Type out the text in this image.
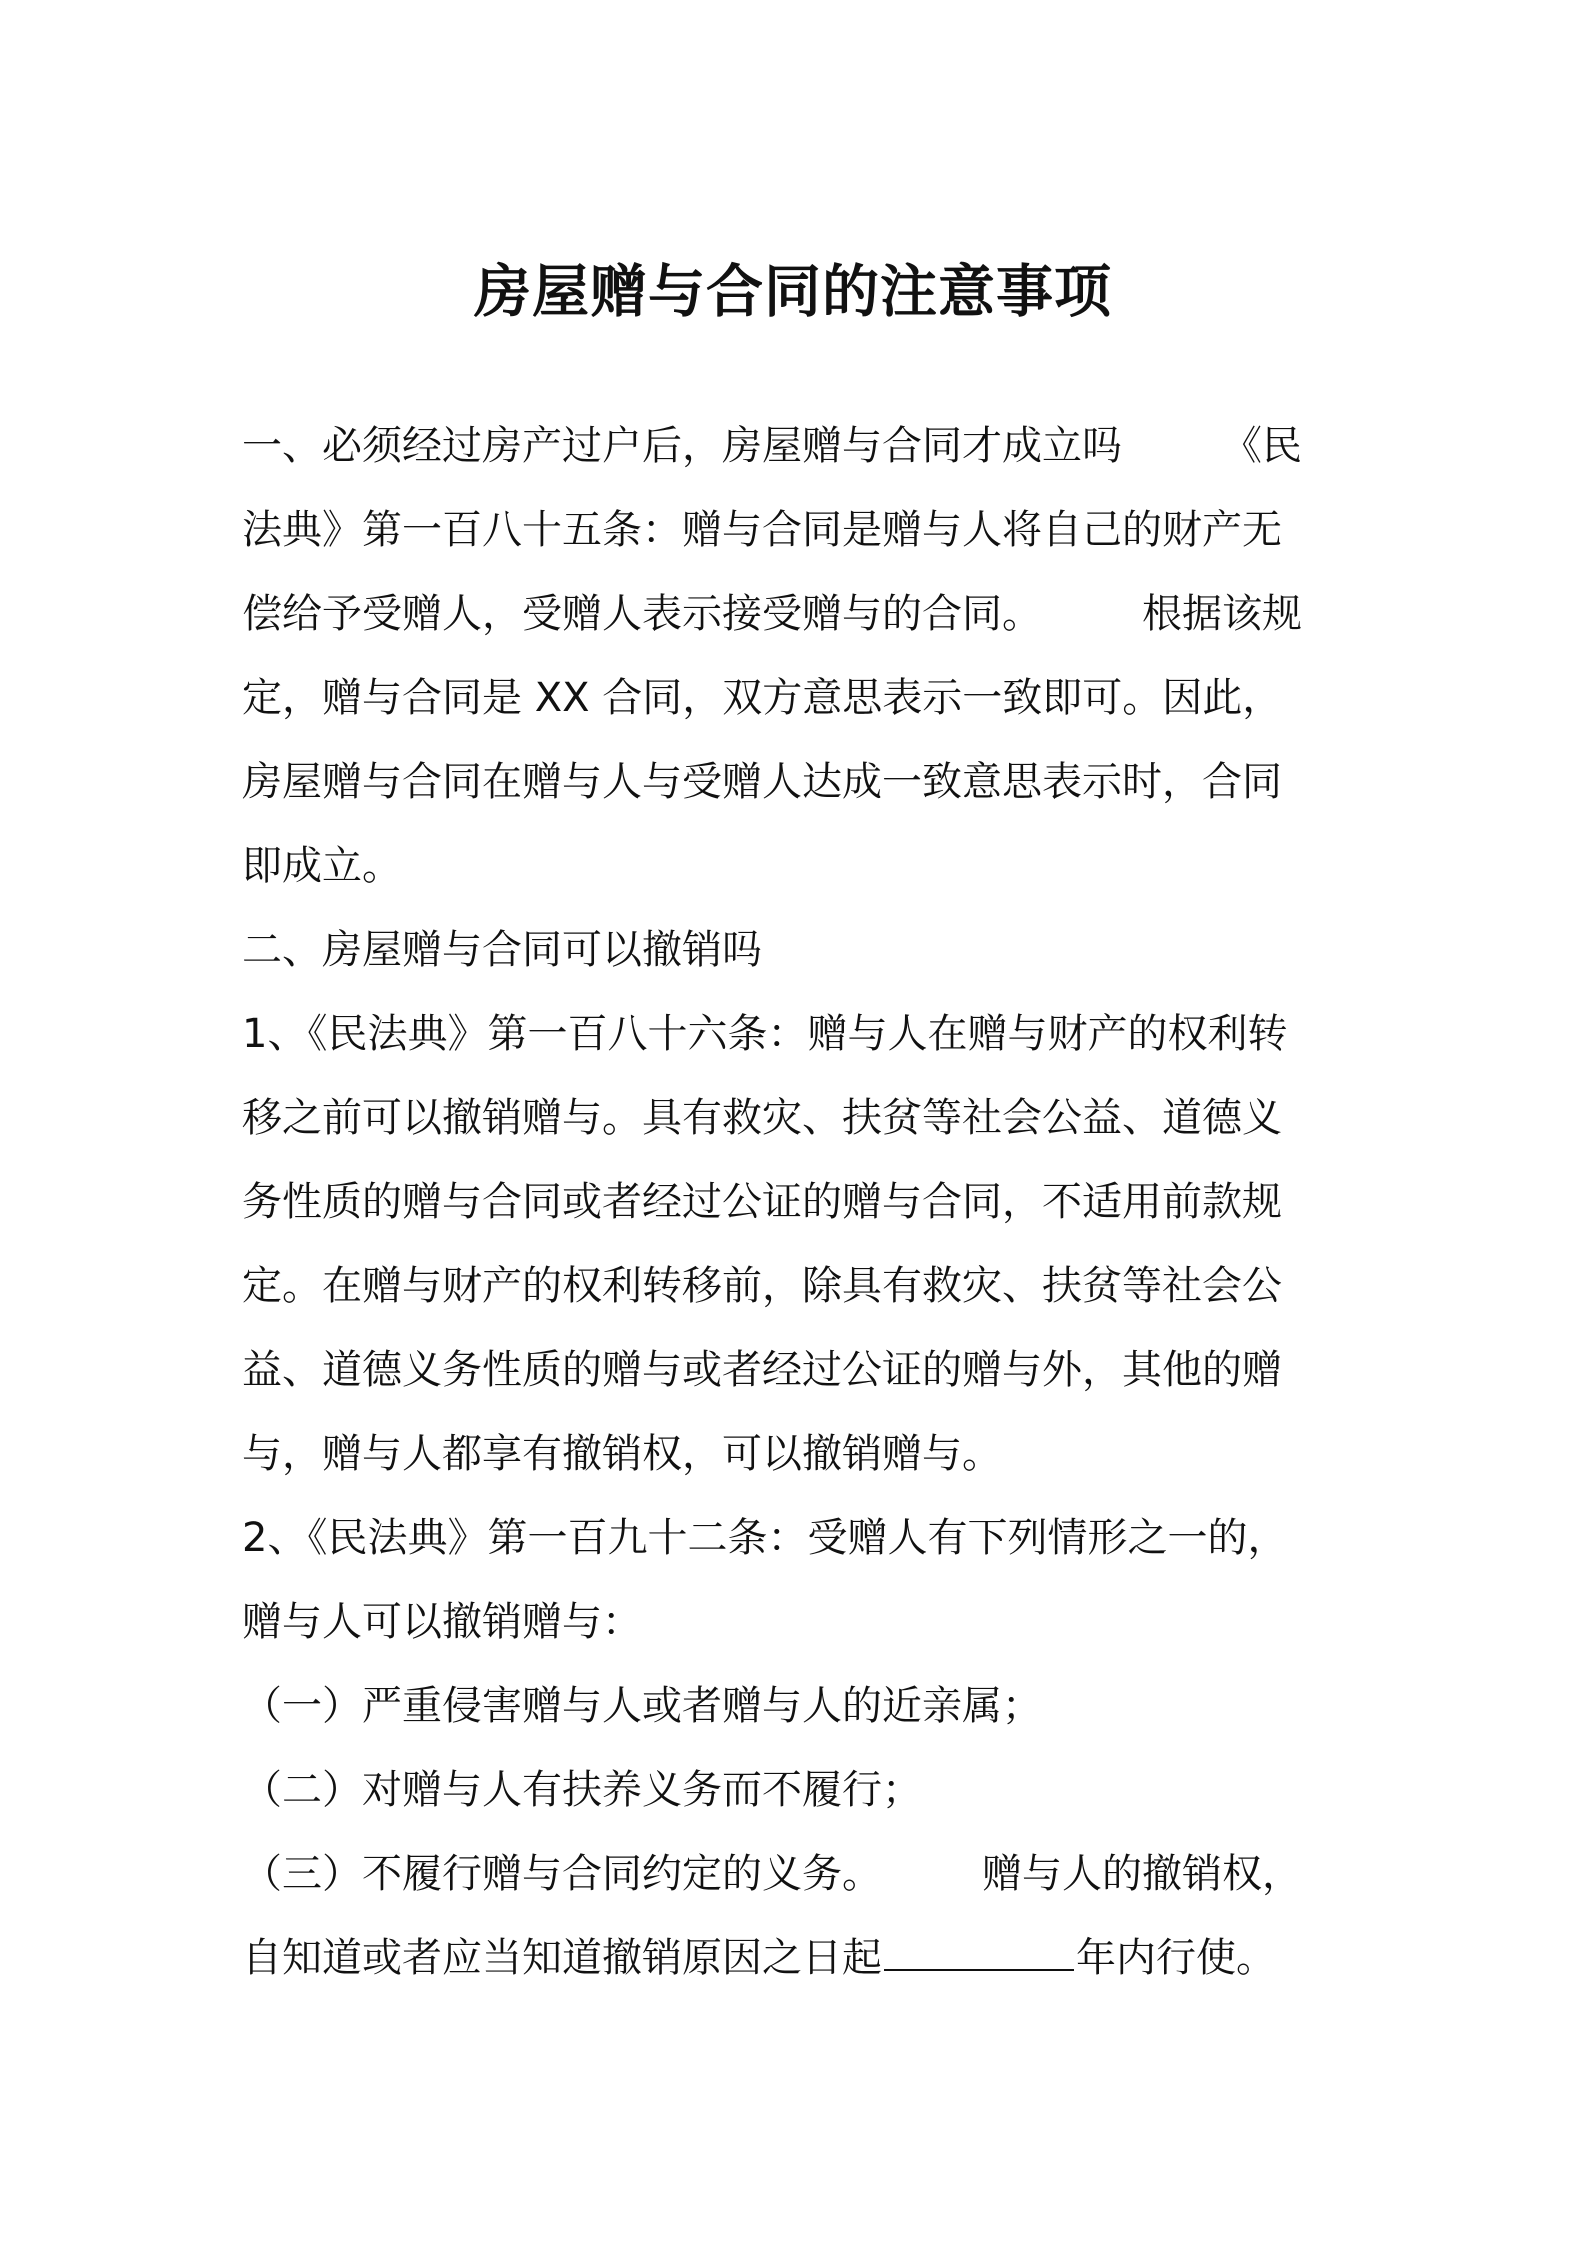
房屋赠与合同的注意事项
一、必须经过房产过户后，房屋赠与合同才成立吗　　　《民
法典》第一百八十五条：赠与合同是赠与人将自己的财产无
偿给予受赠人，受赠人表示接受赠与的合同。　　　根据该规
定，赠与合同是 XX 合同，双方意思表示一致即可。因此，
房屋赠与合同在赠与人与受赠人达成一致意思表示时，合同
即成立。
二、房屋赠与合同可以撤销吗
1、《民法典》第一百八十六条：赠与人在赠与财产的权利转
移之前可以撤销赠与。具有救灾、扶贫等社会公益、道德义
务性质的赠与合同或者经过公证的赠与合同，不适用前款规
定。在赠与财产的权利转移前，除具有救灾、扶贫等社会公
益、道德义务性质的赠与或者经过公证的赠与外，其他的赠
与，赠与人都享有撤销权，可以撤销赠与。
2、《民法典》第一百九十二条：受赠人有下列情形之一的，
赠与人可以撤销赠与：
（一）严重侵害赠与人或者赠与人的近亲属；
（二）对赠与人有扶养义务而不履行；
（三）不履行赠与合同约定的义务。　　　赠与人的撤销权，
自知道或者应当知道撤销原因之日起	年内行使。
